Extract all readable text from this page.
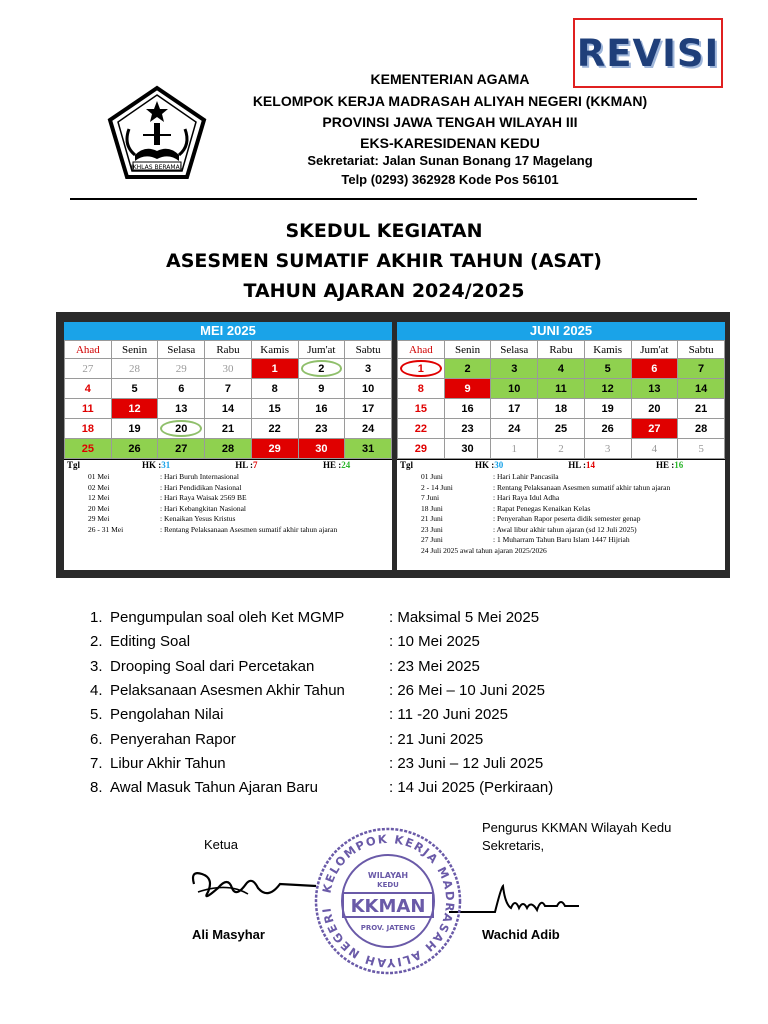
REVISI
IKHLAS BERAMAL
KEMENTERIAN AGAMA
KELOMPOK KERJA MADRASAH ALIYAH NEGERI (KKMAN)
PROVINSI JAWA TENGAH WILAYAH III
EKS-KARESIDENAN KEDU
Sekretariat: Jalan Sunan Bonang 17 Magelang
Telp (0293) 362928 Kode Pos 56101
SKEDUL KEGIATAN
ASESMEN SUMATIF AKHIR TAHUN (ASAT)
TAHUN AJARAN 2024/2025
MEI 2025
Ahad	Senin	Selasa	Rabu	Kamis	Jum'at	Sabtu
27	28	29	30	1	2	3
4	5	6	7	8	9	10
11	12	13	14	15	16	17
18	19	20	21	22	23	24
25	26	27	28	29	30	31
Tgl	HK : 31	HL : 7	HE : 24
01 Mei	: Hari Buruh Internasional
02 Mei	: Hari Pendidikan Nasional
12 Mei	: Hari Raya Waisak 2569 BE
20 Mei	: Hari Kebangkitan Nasional
29 Mei	: Kenaikan Yesus Kristus
26 - 31 Mei	: Rentang Pelaksanaan Asesmen sumatif akhir tahun ajaran
JUNI 2025
Ahad	Senin	Selasa	Rabu	Kamis	Jum'at	Sabtu
1	2	3	4	5	6	7
8	9	10	11	12	13	14
15	16	17	18	19	20	21
22	23	24	25	26	27	28
29	30	1	2	3	4	5
Tgl	HK : 30	HL : 14	HE : 16
01 Juni	: Hari Lahir Pancasila
2 - 14 Juni	: Rentang Pelaksanaan Asesmen sumatif akhir tahun ajaran
7 Juni	: Hari Raya Idul Adha
18 Juni	: Rapat Penegas Kenaikan Kelas
21 Juni	: Penyerahan Rapor peserta didik semester genap
23 Juni	: Awal libur akhir tahun ajaran (sd 12 Juli 2025)
27 Juni	: 1 Muharram Tahun Baru Islam 1447 Hijriah
24 Juli 2025 awal tahun ajaran 2025/2026
1. Pengumpulan soal oleh Ket MGMP	: Maksimal 5 Mei 2025
2. Editing Soal	: 10 Mei 2025
3. Drooping Soal dari Percetakan	: 23 Mei 2025
4. Pelaksanaan Asesmen Akhir Tahun	: 26 Mei – 10 Juni 2025
5. Pengolahan Nilai	: 11 -20 Juni 2025
6. Penyerahan Rapor	: 21 Juni 2025
7. Libur Akhir Tahun	: 23 Juni – 12 Juli 2025
8. Awal Masuk Tahun Ajaran Baru	: 14 Jui 2025 (Perkiraan)
Ketua
Ali Masyhar
Pengurus KKMAN Wilayah Kedu
Sekretaris,
Wachid Adib
KELOMPOK KERJA MADRASAH ALIYAH NEGERI
WILAYAH
KEDU
KKMAN
PROV. JATENG
